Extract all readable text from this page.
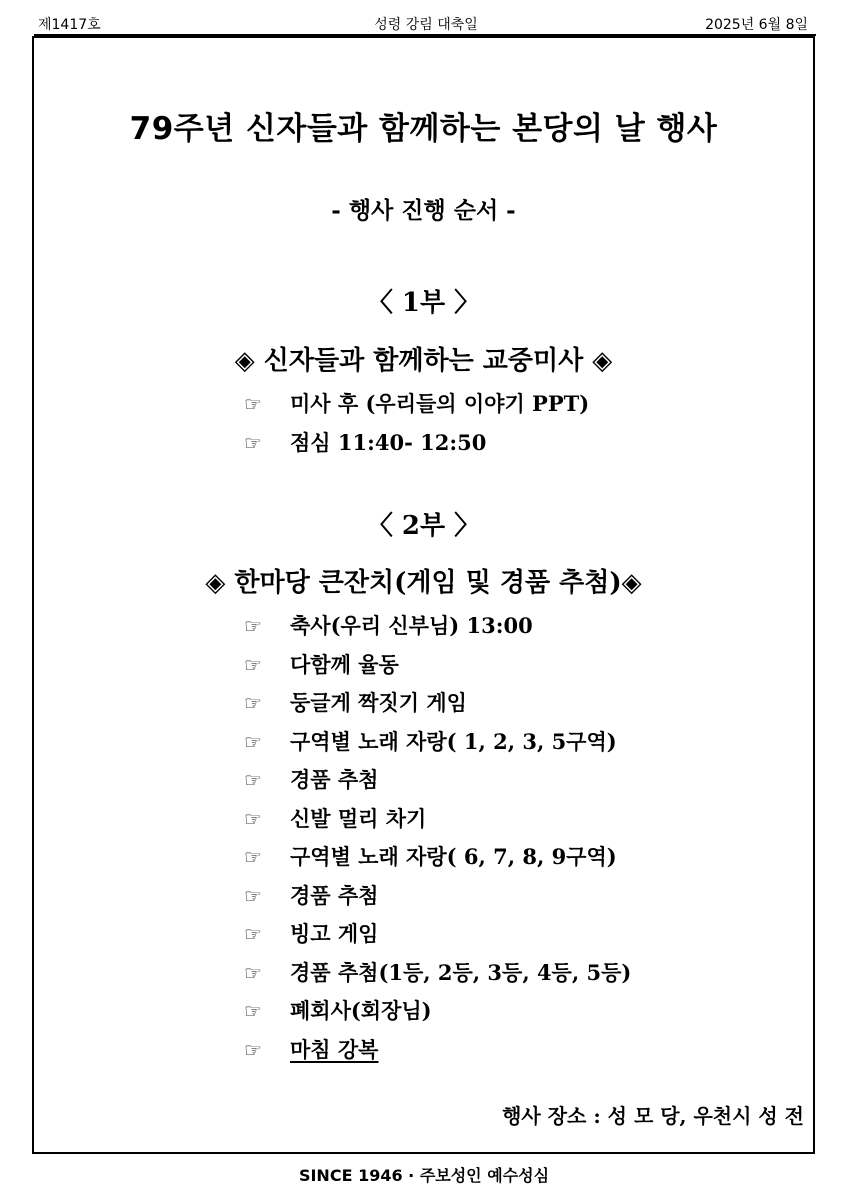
성령 강림 대축일
제1417호	2025년 6월 8일
79주년 신자들과 함께하는 본당의 날 행사
- 행사 진행 순서 -
〈 1부 〉
◈ 신자들과 함께하는 교중미사 ◈
☞ 미사 후 (우리들의 이야기 PPT)
☞ 점심 11:40- 12:50
〈 2부 〉
◈ 한마당 큰잔치(게임 및 경품 추첨)◈
☞ 축사(우리 신부님) 13:00
☞ 다함께 율동
☞ 둥글게 짝짓기 게임
☞ 구역별 노래 자랑( 1, 2, 3, 5구역)
☞ 경품 추첨
☞ 신발 멀리 차기
☞ 구역별 노래 자랑( 6, 7, 8, 9구역)
☞ 경품 추첨
☞ 빙고 게임
☞ 경품 추첨(1등, 2등, 3등, 4등, 5등)
☞ 폐회사(회장님)
☞ 마침 강복
행사 장소 : 성 모 당, 우천시 성 전
SINCE 1946 · 주보성인 예수성심
